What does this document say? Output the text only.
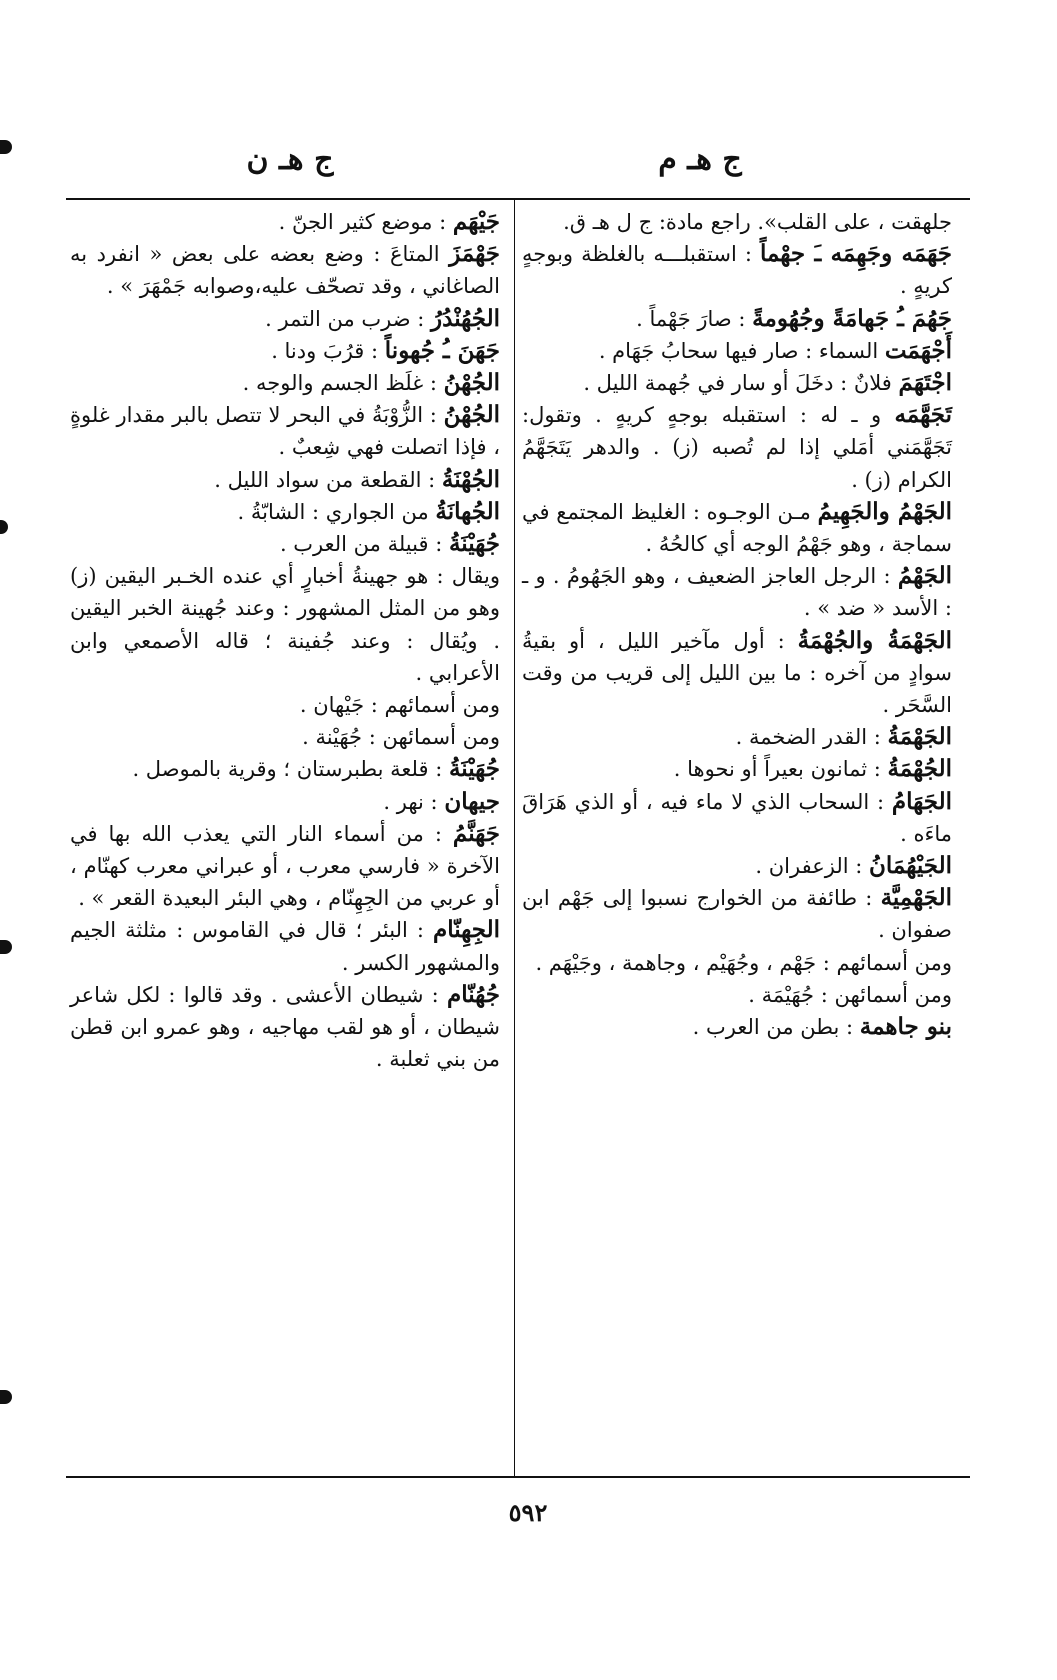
ج هـ م
ج هـ ن

جلهقت ، على القلب». راجع مادة: ج ل هـ ق.

جَهَمَه وجَهِمَه ـَ جهْماً : استقبلـــه بالغلظة وبوجهٍ كريهٍ .

جَهُمَ ـُ جَهامَةً وجُهُومةً : صارَ جَهْماً .

أَجْهَمَت السماء : صار فيها سحابُ جَهَام .

اجْتَهَمَ فلانٌ : دخَلَ أو سار في جُهمة الليل .

تَجَهَّمَه و ـ له : استقبله بوجهٍ كريهٍ . وتقول: تَجَهَّمَني أمَلي إذا لم تُصبه (ز) . والدهر يَتَجَهَّمُ الكرام (ز) .

الجَهْمُ والجَهِيمُ مـن الوجـوه : الغليظ المجتمع في سماجة ، وهو جَهْمُ الوجه أي كالحُهُ .

الجَهْمُ : الرجل العاجز الضعيف ، وهو الجَهُومُ . و ـ : الأسد « ضد » .

الجَهْمَةُ والجُهْمَةُ : أول مآخير الليل ، أو بقيةُ سوادٍ من آخره : ما بين الليل إلى قريب من وقت السَّحَر .

الجَهْمَةُ : القدر الضخمة .

الجُهْمَةُ : ثمانون بعيراً أو نحوها .

الجَهَامُ : السحاب الذي لا ماء فيه ، أو الذي هَرَاقَ ماءَه .

الجَيْهُمَانُ : الزعفران .

الجَهْمِيَّة : طائفة من الخوارج نسبوا إلى جَهْم ابن صفوان .

ومن أسمائهم : جَهْم ، وجُهَيْم ، وجاهمة ، وجَيْهَم .

ومن أسمائهن : جُهَيْمَة .

بنو جاهمة : بطن من العرب .

جَيْهَم : موضع كثير الجنّ .

جَهْمَزَ المتاعَ : وضع بعضه على بعض « انفرد به الصاغاني ، وقد تصحّف عليه،وصوابه جَمْهَرَ » .

الجُهُنْدُرُ : ضرب من التمر .

جَهَنَ ـُ جُهوناً : قرُبَ ودنا .

الجُهْنُ : غلَظ الجسم والوجه .

الجُهْنُ : الزُّوْبَةُ في البحر لا تتصل بالبر مقدار غلوةٍ ، فإذا اتصلت فهي شِعبٌ .

الجُهْنَةُ : القطعة من سواد الليل .

الجُهانَةُ من الجواري : الشابّةُ .

جُهَيْنَةُ : قبيلة من العرب .

ويقال : هو جهينةُ أخبارٍ أي عنده الخـبر اليقين (ز) وهو من المثل المشهور : وعند جُهينة الخبر اليقين . ويُقال : وعند جُفينة ؛ قاله الأصمعي وابن الأعرابي .

ومن أسمائهم : جَيْهان .

ومن أسمائهن : جُهَيْنة .

جُهَيْنَةُ : قلعة بطبرستان ؛ وقرية بالموصل .

جيهان : نهر .

جَهَنَّمُ : من أسماء النار التي يعذب الله بها في الآخرة « فارسي معرب ، أو عبراني معرب كهنّام ، أو عربي من الجِهِنّام ، وهي البئر البعيدة القعر » .

الجِهِنّام : البئر ؛ قال في القاموس : مثلثة الجيم والمشهور الكسر .

جُهُنّام : شيطان الأعشى . وقد قالوا : لكل شاعر شيطان ، أو هو لقب مهاجيه ، وهو عمرو ابن قطن من بني ثعلبة .

٥٩٢
